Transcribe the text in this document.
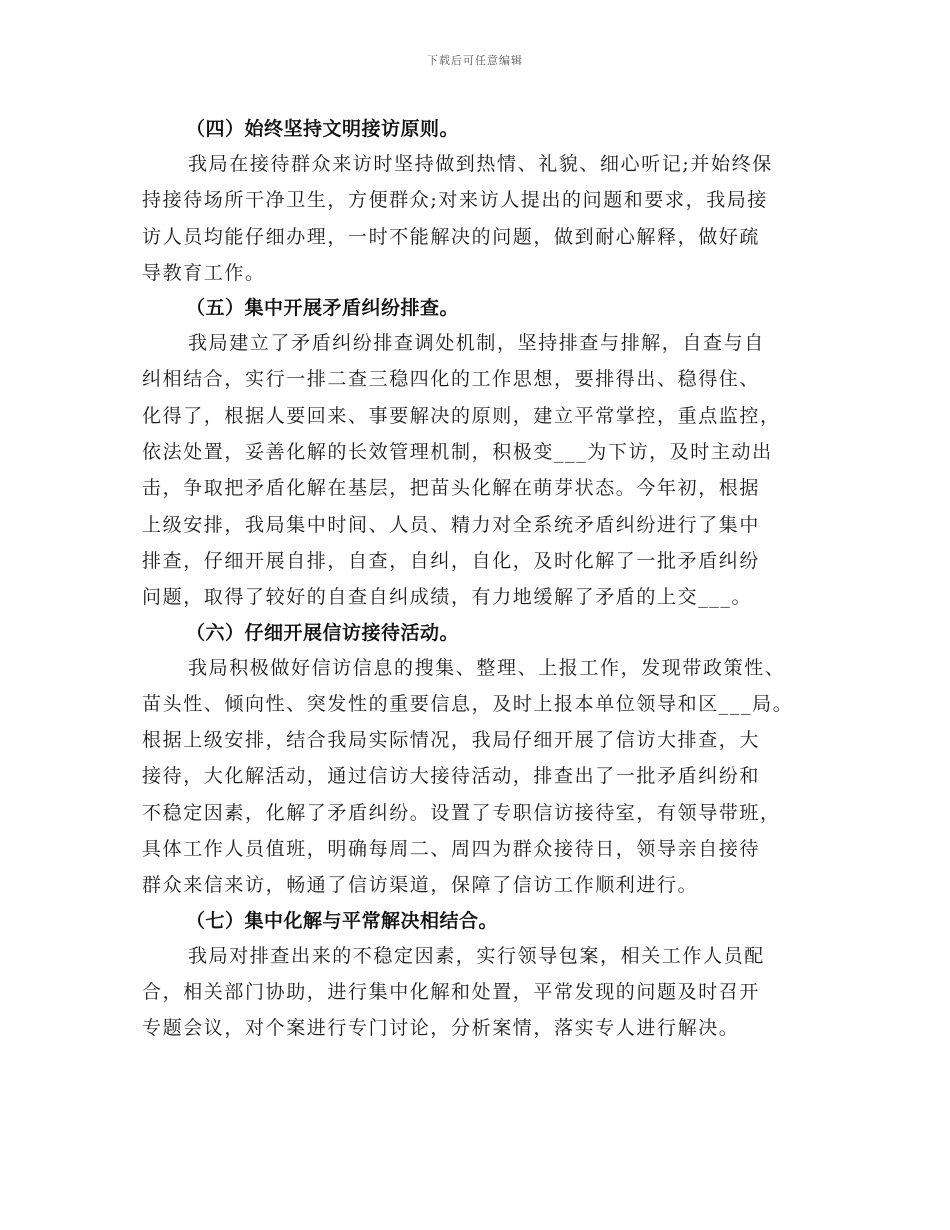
下载后可任意编辑

（四）始终坚持文明接访原则。

我局在接待群众来访时坚持做到热情、礼貌、细心听记;并始终保
持接待场所干净卫生，方便群众;对来访人提出的问题和要求，我局接
访人员均能仔细办理，一时不能解决的问题，做到耐心解释，做好疏
导教育工作。

（五）集中开展矛盾纠纷排查。

我局建立了矛盾纠纷排查调处机制，坚持排查与排解，自查与自
纠相结合，实行一排二查三稳四化的工作思想，要排得出、稳得住、
化得了，根据人要回来、事要解决的原则，建立平常掌控，重点监控，
依法处置，妥善化解的长效管理机制，积极变___为下访，及时主动出
击，争取把矛盾化解在基层，把苗头化解在萌芽状态。今年初，根据
上级安排，我局集中时间、人员、精力对全系统矛盾纠纷进行了集中
排查，仔细开展自排，自查，自纠，自化，及时化解了一批矛盾纠纷
问题，取得了较好的自查自纠成绩，有力地缓解了矛盾的上交___。

（六）仔细开展信访接待活动。

我局积极做好信访信息的搜集、整理、上报工作，发现带政策性、
苗头性、倾向性、突发性的重要信息，及时上报本单位领导和区___局。
根据上级安排，结合我局实际情况，我局仔细开展了信访大排查，大
接待，大化解活动，通过信访大接待活动，排查出了一批矛盾纠纷和
不稳定因素，化解了矛盾纠纷。设置了专职信访接待室，有领导带班，
具体工作人员值班，明确每周二、周四为群众接待日，领导亲自接待
群众来信来访，畅通了信访渠道，保障了信访工作顺利进行。

（七）集中化解与平常解决相结合。

我局对排查出来的不稳定因素，实行领导包案，相关工作人员配
合，相关部门协助，进行集中化解和处置，平常发现的问题及时召开
专题会议，对个案进行专门讨论，分析案情，落实专人进行解决。
